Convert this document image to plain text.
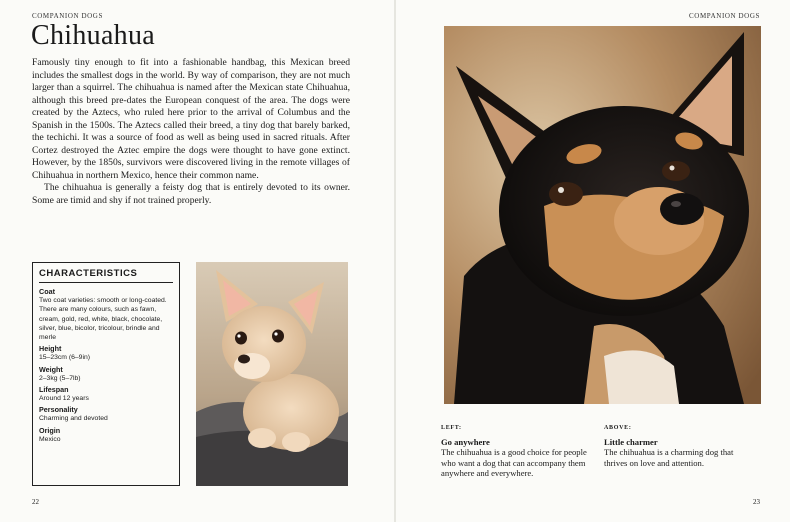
COMPANION DOGS
Chihuahua

Famously tiny enough to fit into a fashionable handbag, this Mexican breed includes the smallest dogs in the world. By way of comparison, they are not much larger than a squirrel. The chihuahua is named after the Mexican state Chihuahua, although this breed pre-dates the European conquest of the area. The dogs were created by the Aztecs, who ruled here prior to the arrival of Columbus and the Spanish in the 1500s. The Aztecs called their breed, a tiny dog that barely barked, the techichi. It was a source of food as well as being used in sacred rituals. After Cortez destroyed the Aztec empire the dogs were thought to have gone extinct. However, by the 1850s, survivors were discovered living in the remote villages of Chihuahua in northern Mexico, hence their common name.

The chihuahua is generally a feisty dog that is entirely devoted to its owner. Some are timid and shy if not trained properly.

CHARACTERISTICS
Coat
Two coat varieties: smooth or long-coated. There are many colours, such as fawn, cream, gold, red, white, black, chocolate, silver, blue, bicolor, tricolour, brindle and merle
Height
15–23cm (6–9in)
Weight
2–3kg (5–7lb)
Lifespan
Around 12 years
Personality
Charming and devoted
Origin
Mexico
22
COMPANION DOGS
LEFT:
Go anywhere
The chihuahua is a good choice for people who want a dog that can accompany them anywhere and everywhere.
ABOVE:
Little charmer
The chihuahua is a charming dog that thrives on love and attention.
23
